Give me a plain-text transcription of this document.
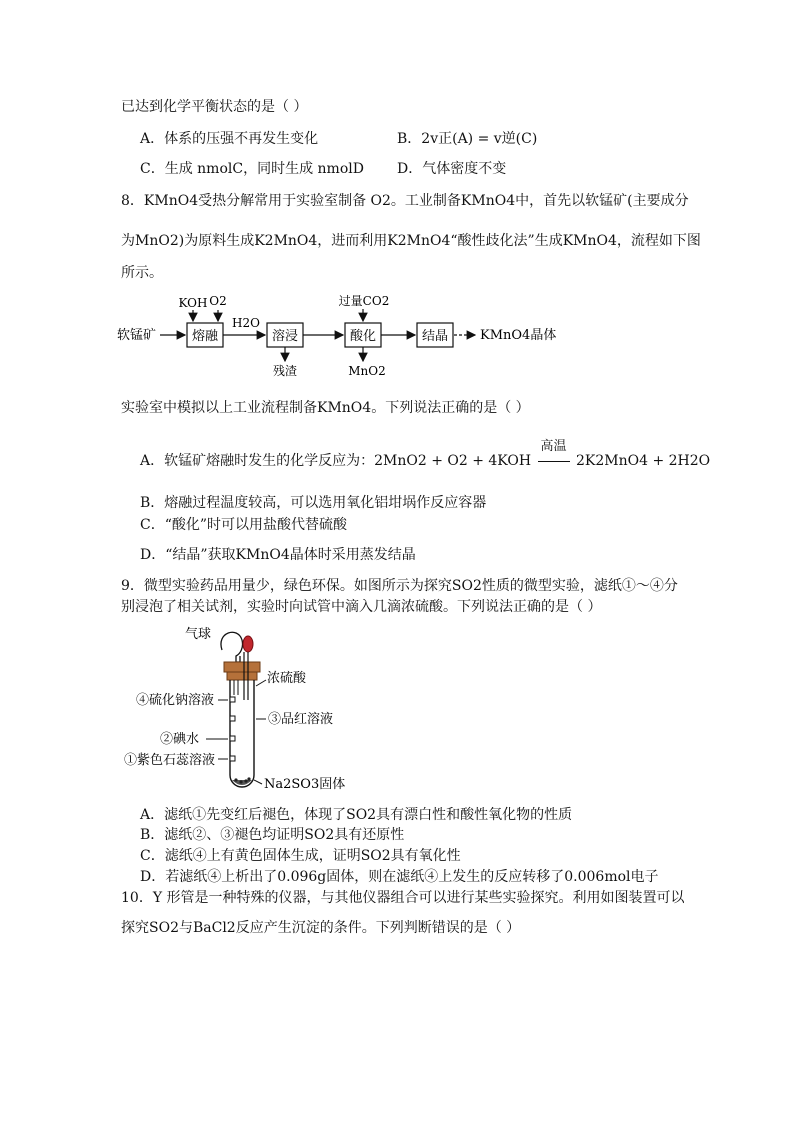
已达到化学平衡状态的是（ ）
A．体系的压强不再发生变化	B．2v正(A) = v逆(C)
C．生成 nmolC，同时生成 nmolD D．气体密度不变
8．KMnO4受热分解常用于实验室制备 O2。工业制备KMnO4中，首先以软锰矿(主要成分
为MnO2)为原料生成K2MnO4，进而利用K2MnO4“酸性歧化法”生成KMnO4，流程如下图
所示。
软锰矿	熔融
KOH O2
H2O
溶浸
残渣
酸化
过量CO2
MnO2
结晶 KMnO4晶体
实验室中模拟以上工业流程制备KMnO4。下列说法正确的是（ ）
A．软锰矿熔融时发生的化学反应为：2MnO2 + O2 + 4KOH
高温
2K2MnO4 + 2H2O
B．熔融过程温度较高，可以选用氧化铝坩埚作反应容器
C．“酸化”时可以用盐酸代替硫酸
D．“结晶”获取KMnO4晶体时采用蒸发结晶
9．微型实验药品用量少，绿色环保。如图所示为探究SO2性质的微型实验，滤纸①～④分
别浸泡了相关试剂，实验时向试管中滴入几滴浓硫酸。下列说法正确的是（ ）
气球
浓硫酸
④硫化钠溶液
③品红溶液
②碘水
①紫色石蕊溶液
Na2SO3固体
A．滤纸①先变红后褪色，体现了SO2具有漂白性和酸性氧化物的性质
B．滤纸②、③褪色均证明SO2具有还原性
C．滤纸④上有黄色固体生成，证明SO2具有氧化性
D．若滤纸④上析出了0.096g固体，则在滤纸④上发生的反应转移了0.006mol电子
10．Y 形管是一种特殊的仪器，与其他仪器组合可以进行某些实验探究。利用如图装置可以
探究SO2与BaCl2反应产生沉淀的条件。下列判断错误的是（ ）
